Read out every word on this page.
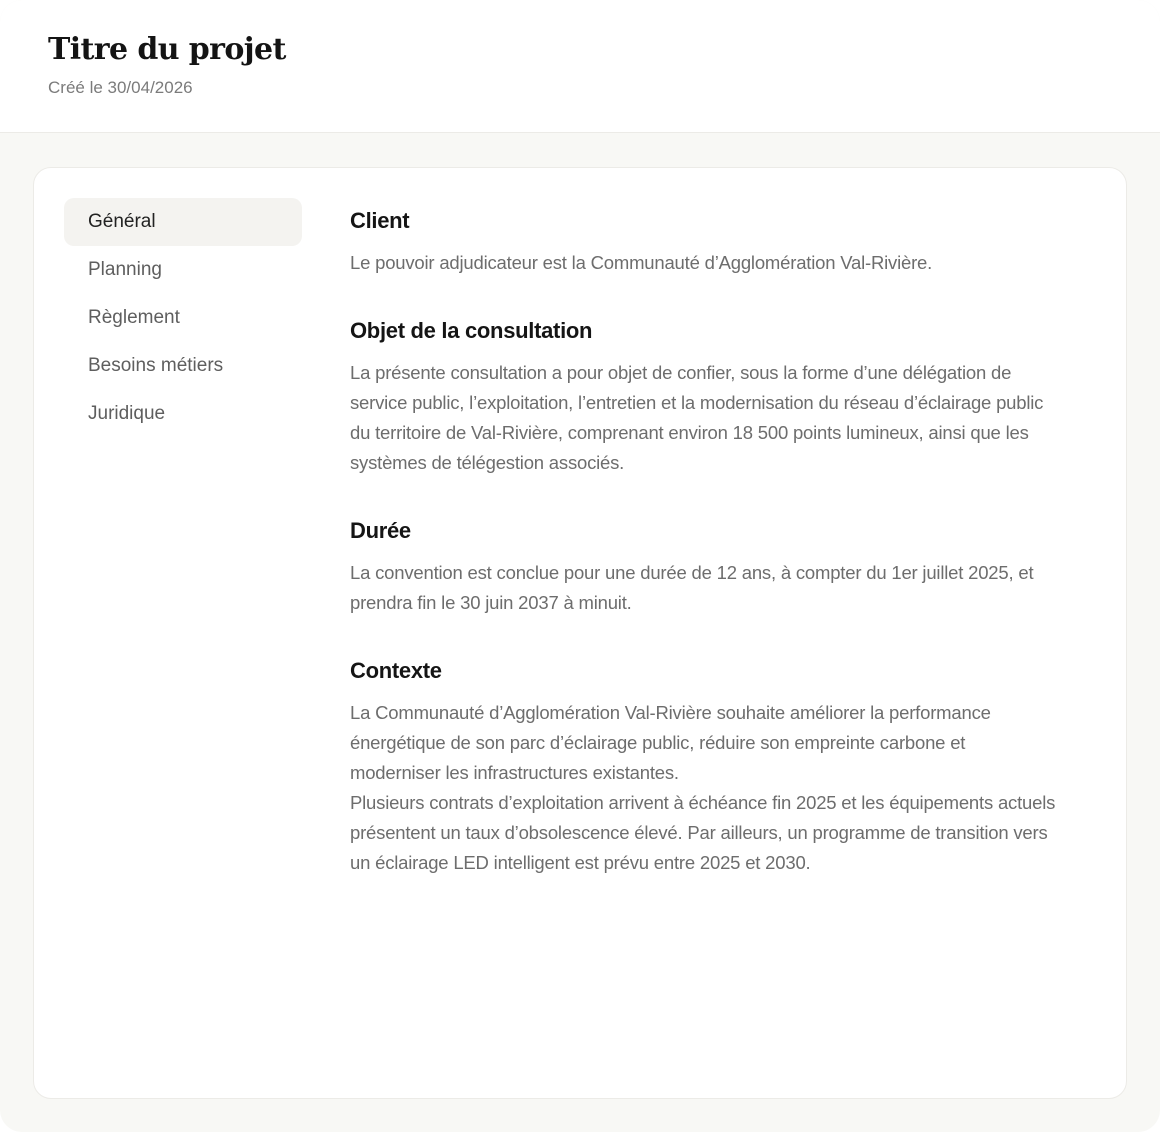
Titre du projet
Créé le 30/04/2026
Général
Planning
Règlement
Besoins métiers
Juridique
Client

Le pouvoir adjudicateur est la Communauté d’Agglomération Val-Rivière.

Objet de la consultation

La présente consultation a pour objet de confier, sous la forme d’une délégation de service public, l’exploitation, l’entretien et la modernisation du réseau d’éclairage public du territoire de Val-Rivière, comprenant environ 18 500 points lumineux, ainsi que les systèmes de télégestion associés.

Durée

La convention est conclue pour une durée de 12 ans, à compter du 1er juillet 2025, et prendra fin le 30 juin 2037 à minuit.

Contexte

La Communauté d’Agglomération Val-Rivière souhaite améliorer la performance énergétique de son parc d’éclairage public, réduire son empreinte carbone et moderniser les infrastructures existantes.

Plusieurs contrats d’exploitation arrivent à échéance fin 2025 et les équipements actuels présentent un taux d’obsolescence élevé. Par ailleurs, un programme de transition vers un éclairage LED intelligent est prévu entre 2025 et 2030.
